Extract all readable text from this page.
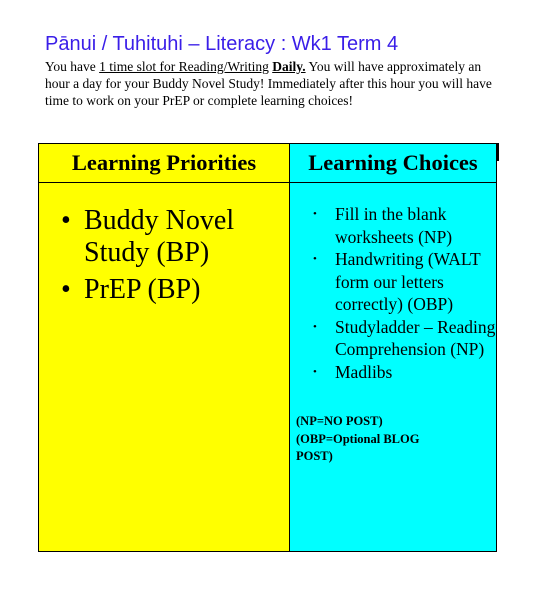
Pānui / Tuhituhi – Literacy : Wk1 Term 4
You have 1 time slot for Reading/Writing Daily. You will have approximately an hour a day for your Buddy Novel Study! Immediately after this hour you will have time to work on your PrEP or complete learning choices!
Learning Priorities
• Buddy Novel Study (BP)
• PrEP (BP)
Learning Choices
• Fill in the blank worksheets (NP)
• Handwriting (WALT form our letters correctly) (OBP)
• Studyladder – Reading Comprehension (NP)
• Madlibs
(NP=NO POST)
(OBP=Optional BLOG POST)
